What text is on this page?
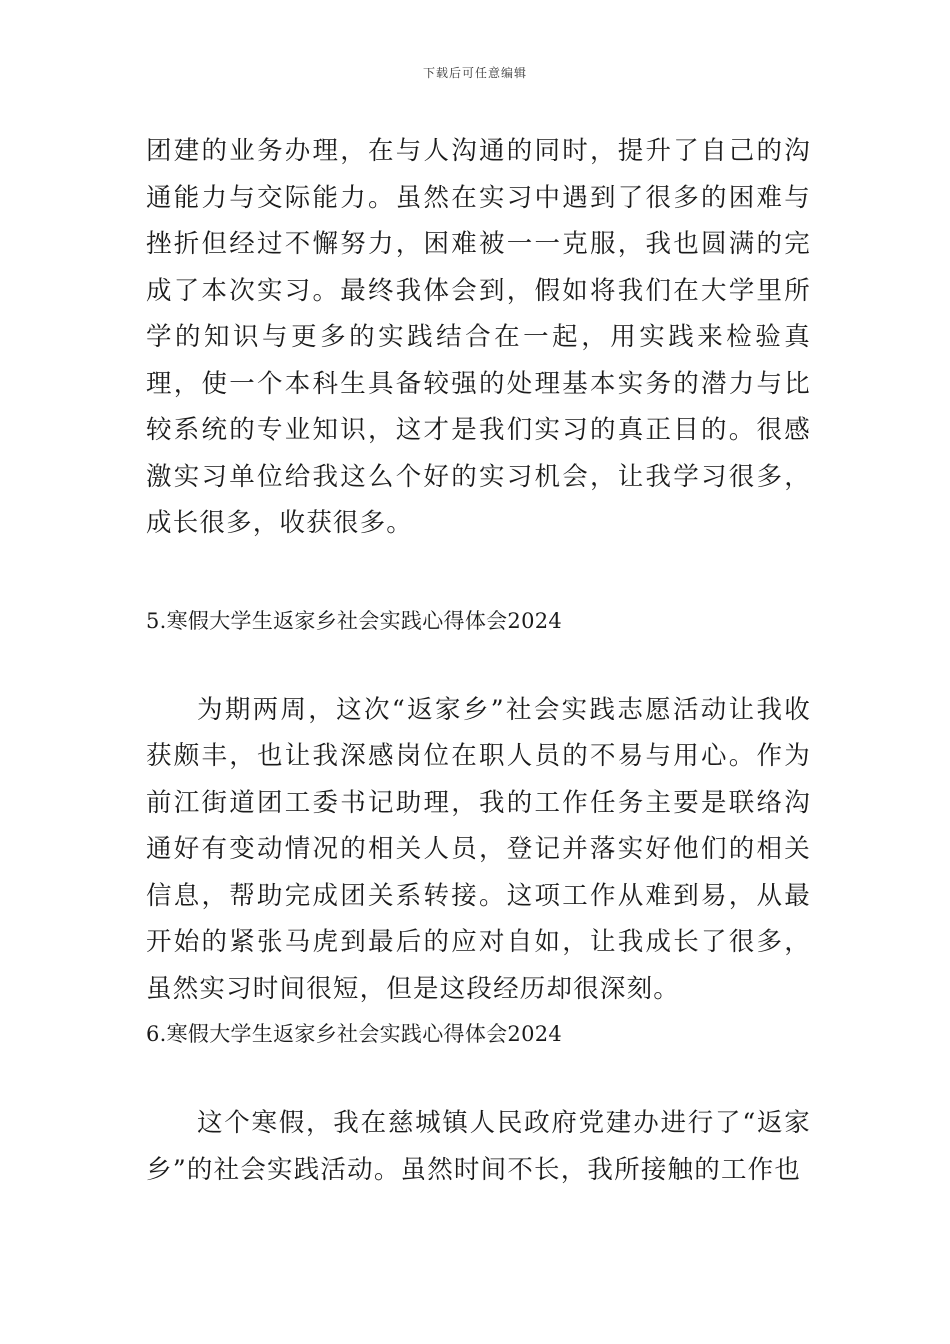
下载后可任意编辑

团建的业务办理，在与人沟通的同时，提升了自己的沟通能力与交际能力。虽然在实习中遇到了很多的困难与挫折但经过不懈努力，困难被一一克服，我也圆满的完成了本次实习。最终我体会到，假如将我们在大学里所学的知识与更多的实践结合在一起，用实践来检验真理，使一个本科生具备较强的处理基本实务的潜力与比较系统的专业知识，这才是我们实习的真正目的。很感激实习单位给我这么个好的实习机会，让我学习很多，成长很多，收获很多。

5.寒假大学生返家乡社会实践心得体会2024

为期两周，这次“返家乡”社会实践志愿活动让我收获颇丰，也让我深感岗位在职人员的不易与用心。作为前江街道团工委书记助理，我的工作任务主要是联络沟通好有变动情况的相关人员，登记并落实好他们的相关信息，帮助完成团关系转接。这项工作从难到易，从最开始的紧张马虎到最后的应对自如，让我成长了很多，虽然实习时间很短，但是这段经历却很深刻。

6.寒假大学生返家乡社会实践心得体会2024

这个寒假，我在慈城镇人民政府党建办进行了“返家乡”的社会实践活动。虽然时间不长，我所接触的工作也
